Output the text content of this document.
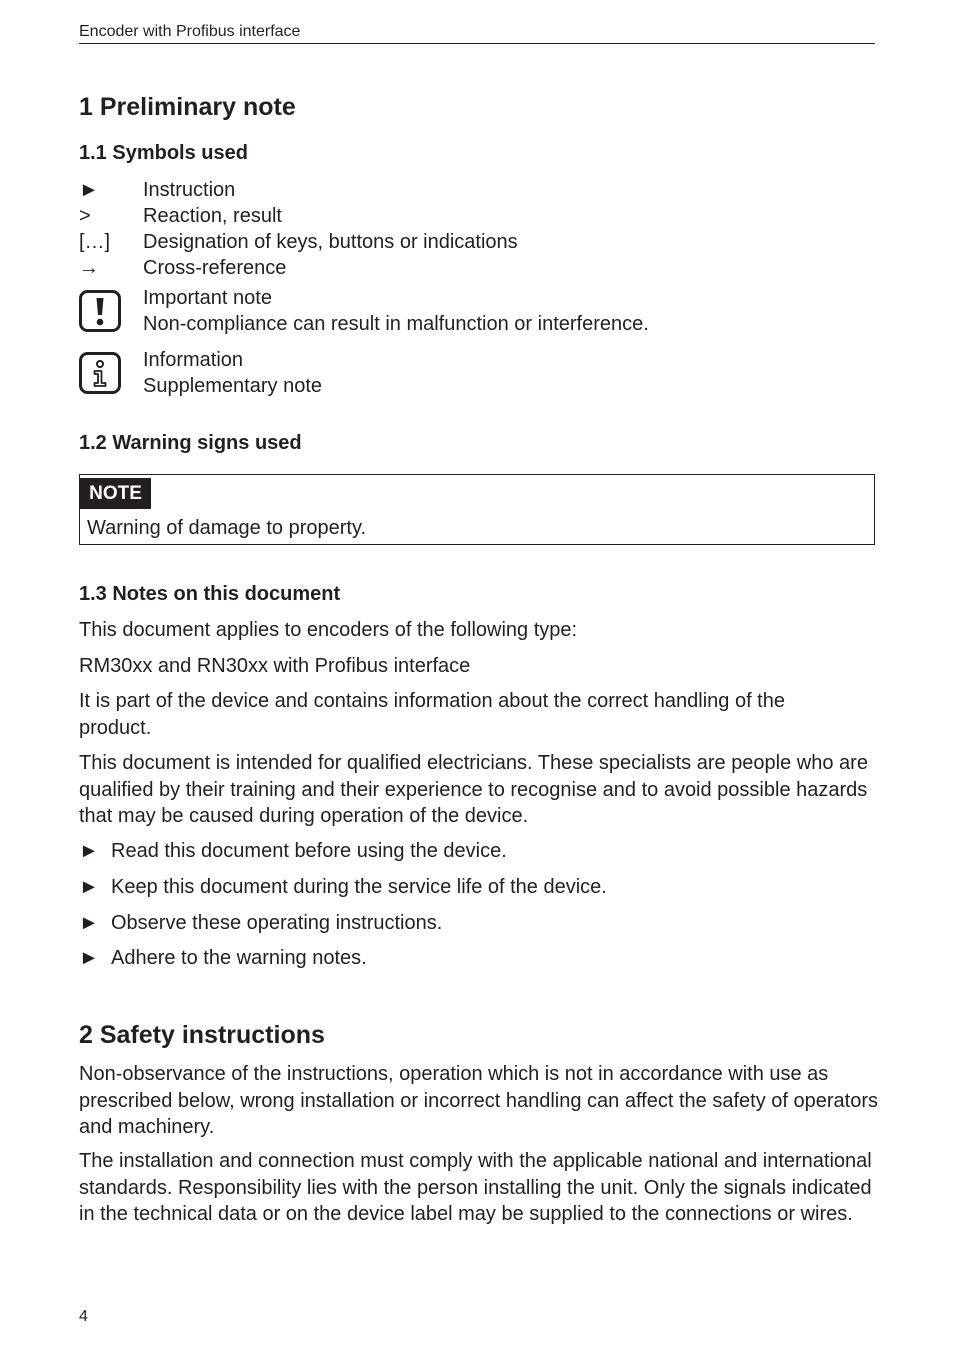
Encoder with Profibus interface
1 Preliminary note
1.1 Symbols used
► Instruction
>	Reaction, result
[…] Designation of keys, buttons or indications
→ Cross-reference
Important note
Non-compliance can result in malfunction or interference.
Information
Supplementary note
1.2 Warning signs used
NOTE
Warning of damage to property.
1.3 Notes on this document
This document applies to encoders of the following type:
RM30xx and RN30xx with Profibus interface
It is part of the device and contains information about the correct handling of the product.
This document is intended for qualified electricians. These specialists are people who are qualified by their training and their experience to recognise and to avoid possible hazards that may be caused during operation of the device.
► Read this document before using the device.
► Keep this document during the service life of the device.
► Observe these operating instructions.
► Adhere to the warning notes.
2 Safety instructions
Non-observance of the instructions, operation which is not in accordance with use as prescribed below, wrong installation or incorrect handling can affect the safety of operators and machinery.
The installation and connection must comply with the applicable national and international standards. Responsibility lies with the person installing the unit. Only the signals indicated in the technical data or on the device label may be supplied to the connections or wires.
4
